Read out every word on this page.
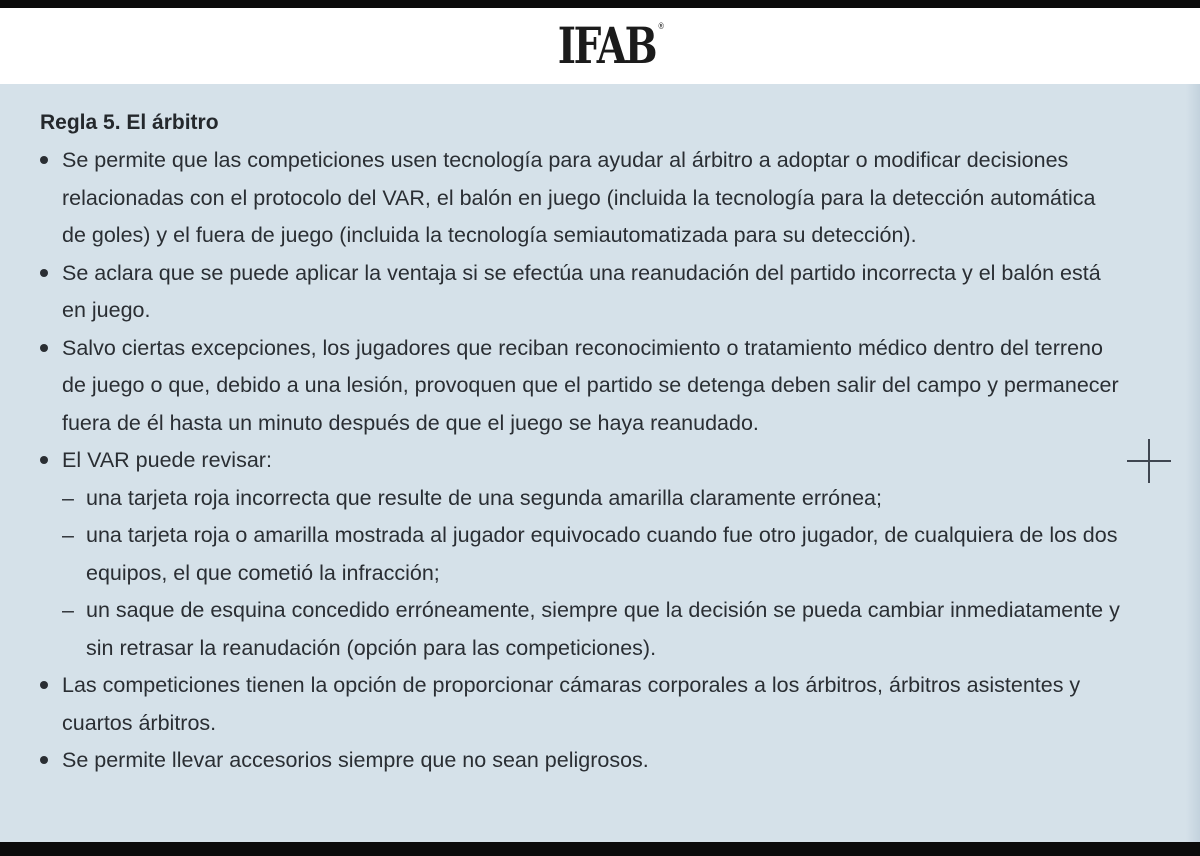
IFAB ®
Regla 5. El árbitro
Se permite que las competiciones usen tecnología para ayudar al árbitro a adoptar o modificar decisiones relacionadas con el protocolo del VAR, el balón en juego (incluida la tecnología para la detección automática de goles) y el fuera de juego (incluida la tecnología semiautomatizada para su detección).
Se aclara que se puede aplicar la ventaja si se efectúa una reanudación del partido incorrecta y el balón está en juego.
Salvo ciertas excepciones, los jugadores que reciban reconocimiento o tratamiento médico dentro del terreno de juego o que, debido a una lesión, provoquen que el partido se detenga deben salir del campo y permanecer fuera de él hasta un minuto después de que el juego se haya reanudado.
El VAR puede revisar:
– una tarjeta roja incorrecta que resulte de una segunda amarilla claramente errónea;
– una tarjeta roja o amarilla mostrada al jugador equivocado cuando fue otro jugador, de cualquiera de los dos equipos, el que cometió la infracción;
– un saque de esquina concedido erróneamente, siempre que la decisión se pueda cambiar inmediatamente y sin retrasar la reanudación (opción para las competiciones).
Las competiciones tienen la opción de proporcionar cámaras corporales a los árbitros, árbitros asistentes y cuartos árbitros.
Se permite llevar accesorios siempre que no sean peligrosos.
